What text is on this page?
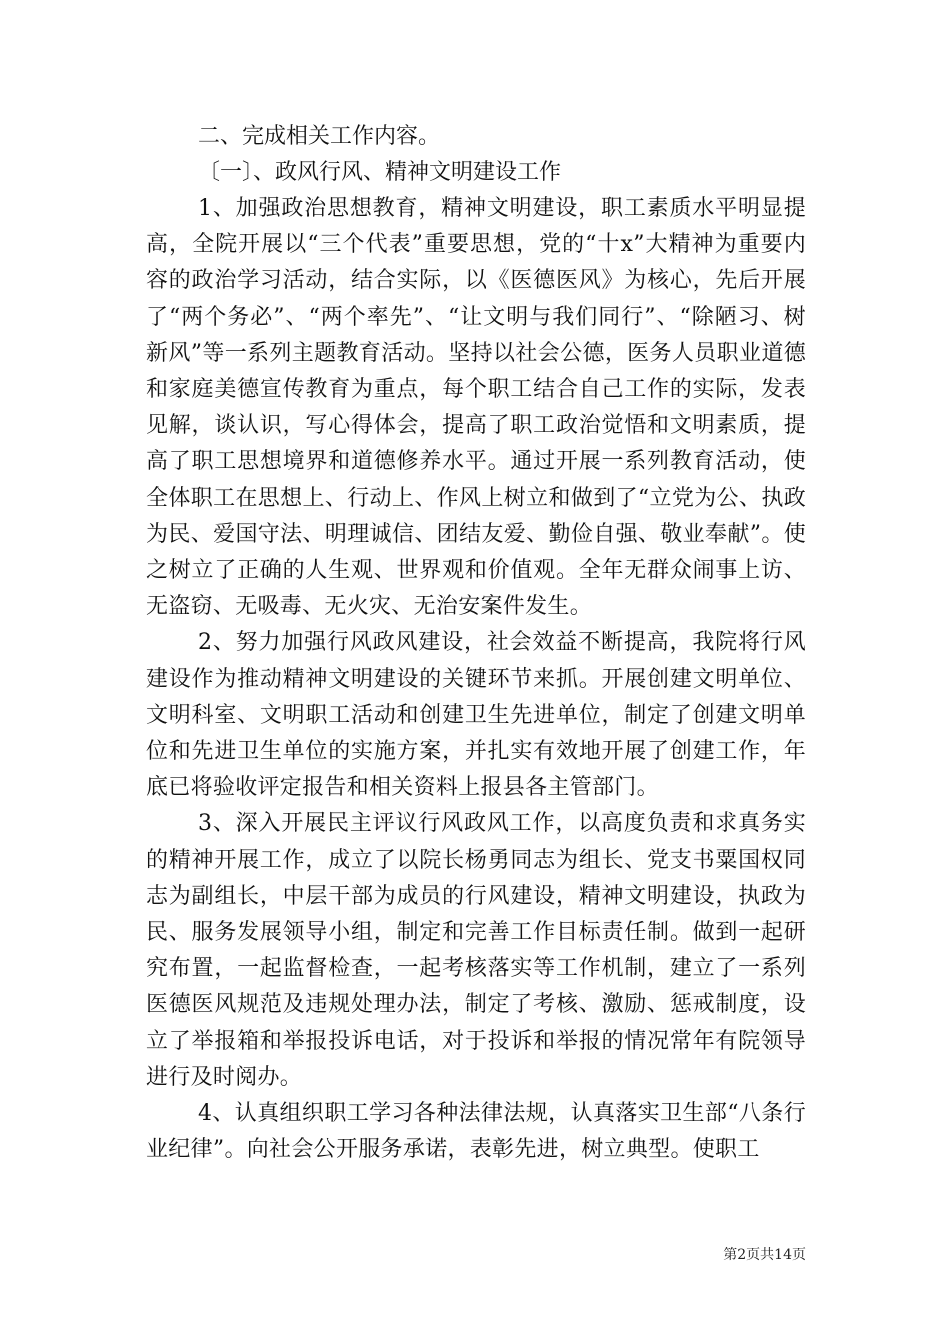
二、完成相关工作内容。

〔一〕、政风行风、精神文明建设工作

1、加强政治思想教育，精神文明建设，职工素质水平明显提高，全院开展以“三个代表”重要思想，党的“十x”大精神为重要内容的政治学习活动，结合实际，以《医德医风》为核心，先后开展了“两个务必”、“两个率先”、“让文明与我们同行”、“除陋习、树新风”等一系列主题教育活动。坚持以社会公德，医务人员职业道德和家庭美德宣传教育为重点，每个职工结合自己工作的实际，发表见解，谈认识，写心得体会，提高了职工政治觉悟和文明素质，提高了职工思想境界和道德修养水平。通过开展一系列教育活动，使全体职工在思想上、行动上、作风上树立和做到了“立党为公、执政为民、爱国守法、明理诚信、团结友爱、勤俭自强、敬业奉献”。使之树立了正确的人生观、世界观和价值观。全年无群众闹事上访、无盗窃、无吸毒、无火灾、无治安案件发生。

2、努力加强行风政风建设，社会效益不断提高，我院将行风建设作为推动精神文明建设的关键环节来抓。开展创建文明单位、文明科室、文明职工活动和创建卫生先进单位，制定了创建文明单位和先进卫生单位的实施方案，并扎实有效地开展了创建工作，年底已将验收评定报告和相关资料上报县各主管部门。

3、深入开展民主评议行风政风工作，以高度负责和求真务实的精神开展工作，成立了以院长杨勇同志为组长、党支书粟国权同志为副组长，中层干部为成员的行风建设，精神文明建设，执政为民、服务发展领导小组，制定和完善工作目标责任制。做到一起研究布置，一起监督检查，一起考核落实等工作机制，建立了一系列医德医风规范及违规处理办法，制定了考核、激励、惩戒制度，设立了举报箱和举报投诉电话，对于投诉和举报的情况常年有院领导进行及时阅办。

4、认真组织职工学习各种法律法规，认真落实卫生部“八条行业纪律”。向社会公开服务承诺，表彰先进，树立典型。使职工

第2页共14页
